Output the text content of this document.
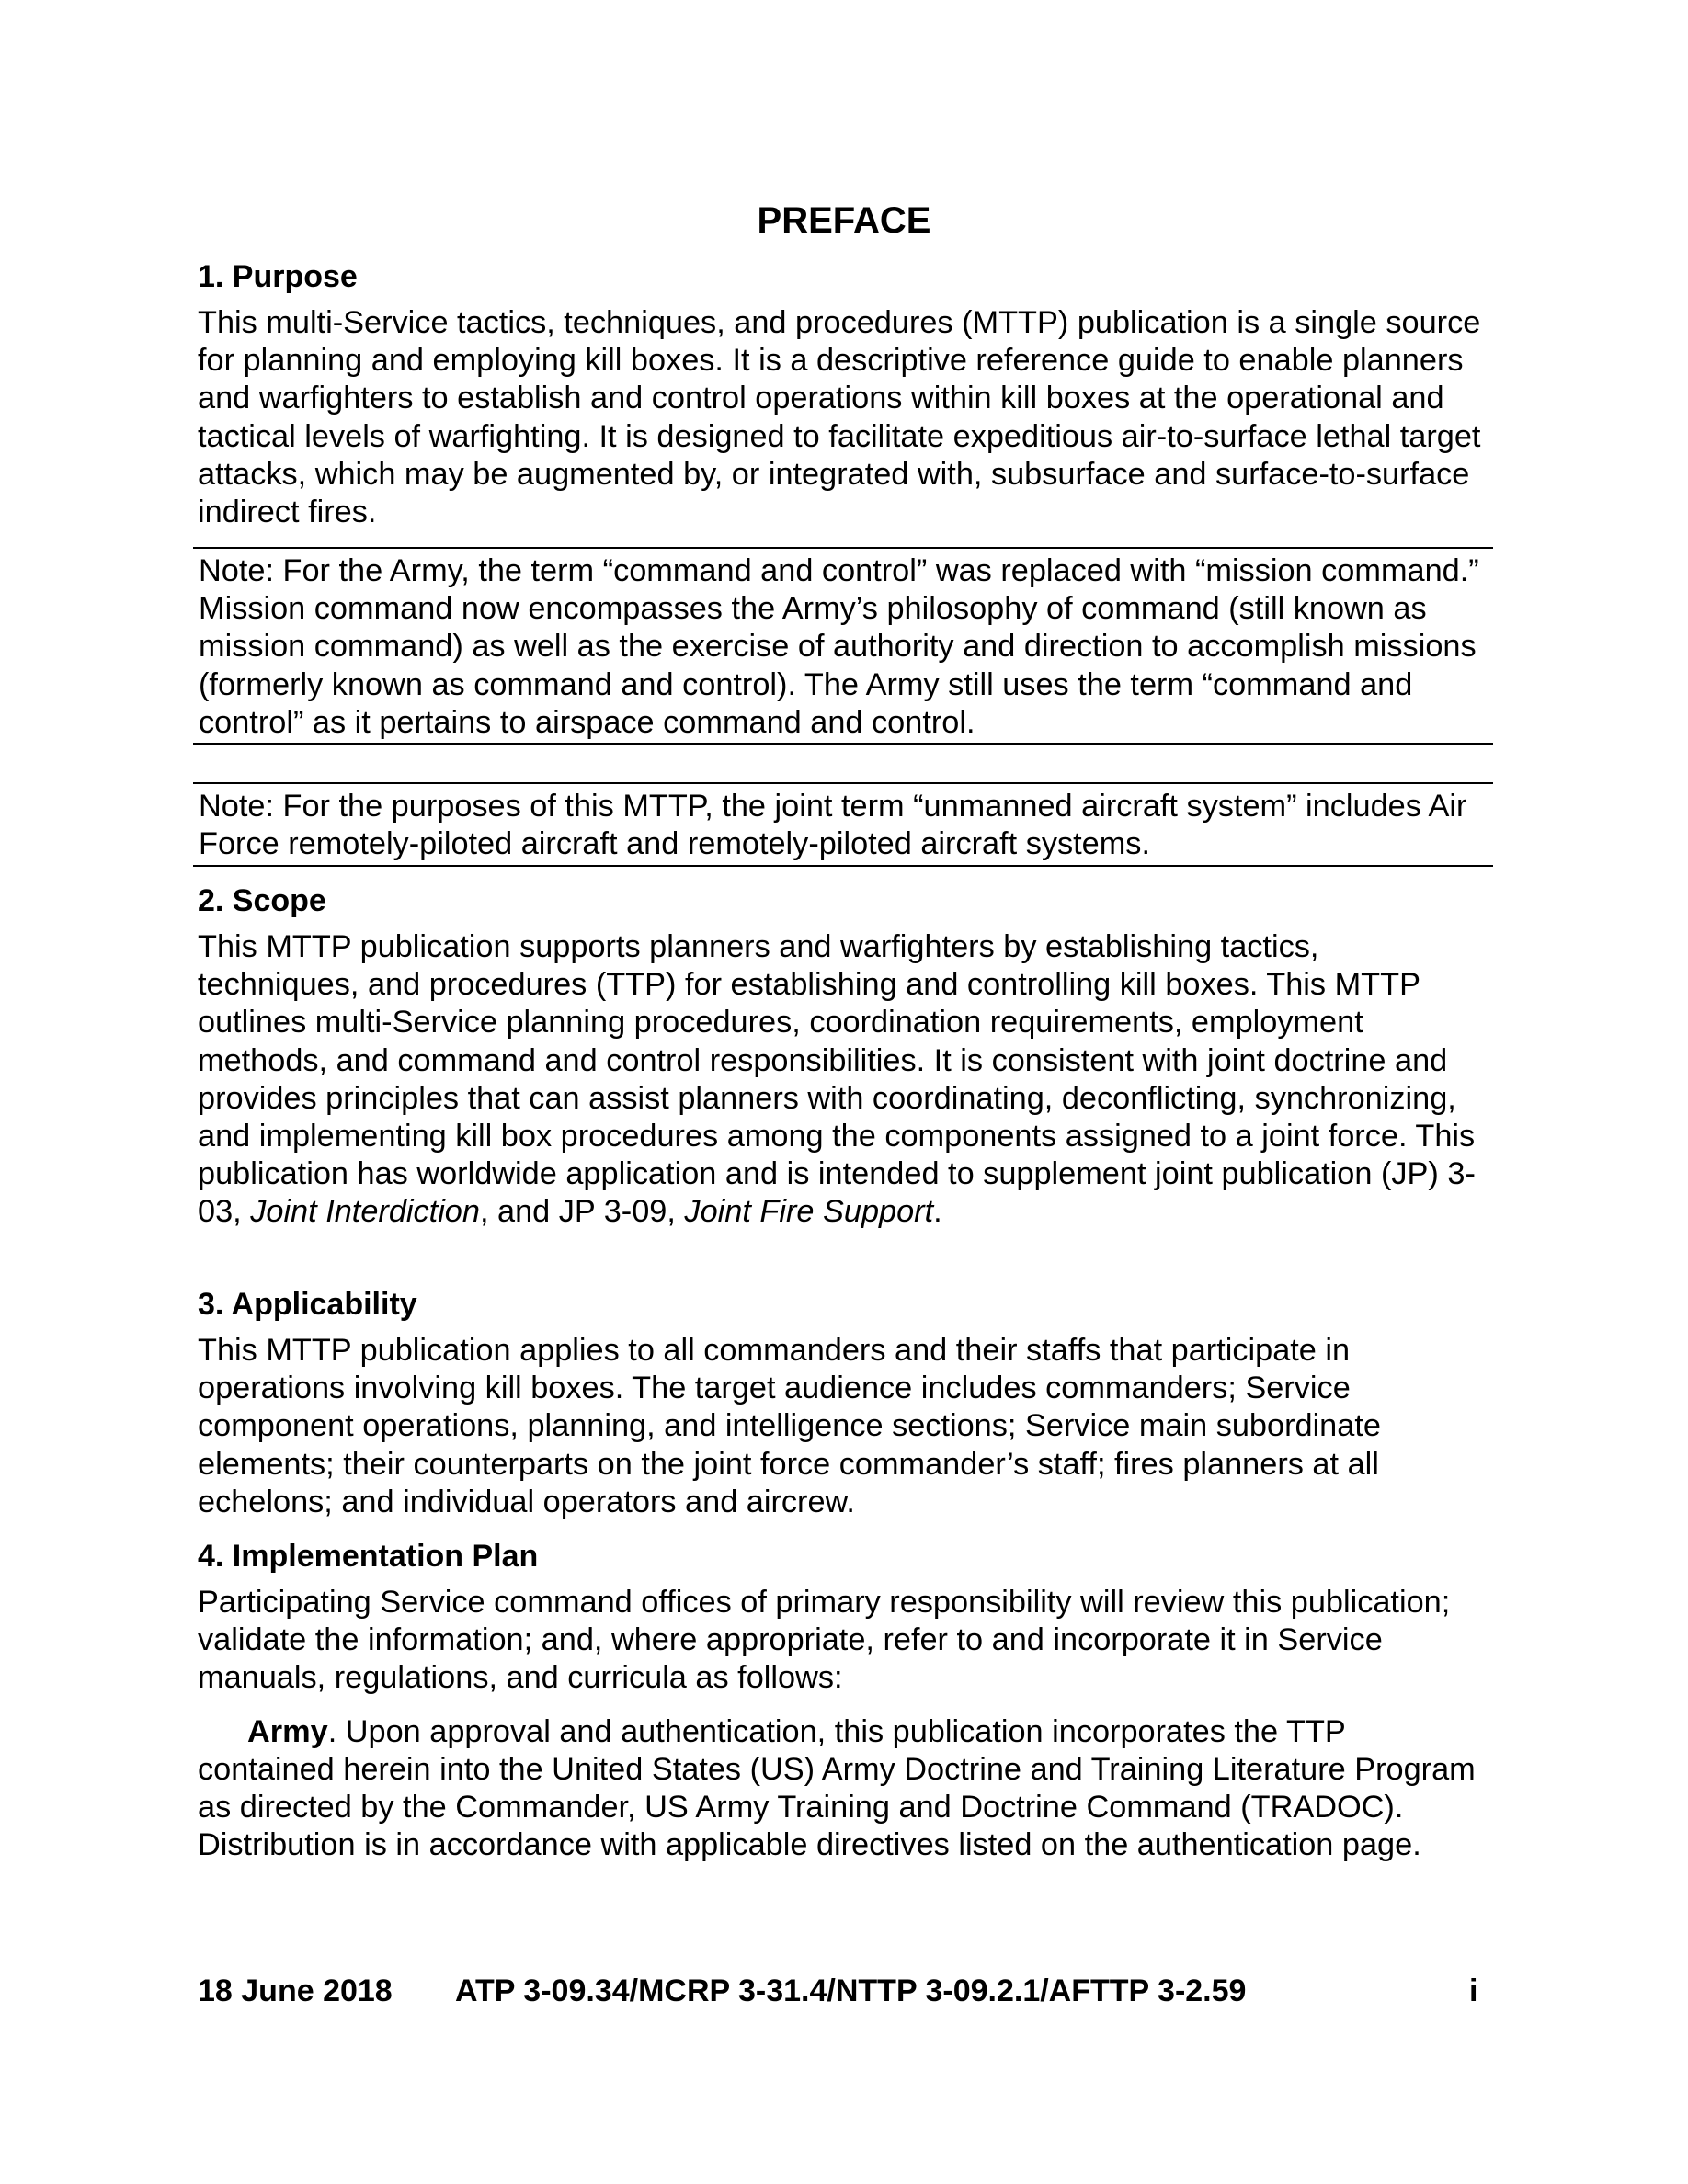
PREFACE

1. Purpose

This multi-Service tactics, techniques, and procedures (MTTP) publication is a single source for planning and employing kill boxes. It is a descriptive reference guide to enable planners and warfighters to establish and control operations within kill boxes at the operational and tactical levels of warfighting. It is designed to facilitate expeditious air-to-surface lethal target attacks, which may be augmented by, or integrated with, subsurface and surface-to-surface indirect fires.

Note: For the Army, the term “command and control” was replaced with “mission command.” Mission command now encompasses the Army’s philosophy of command (still known as mission command) as well as the exercise of authority and direction to accomplish missions (formerly known as command and control). The Army still uses the term “command and control” as it pertains to airspace command and control.

Note: For the purposes of this MTTP, the joint term “unmanned aircraft system” includes Air Force remotely-piloted aircraft and remotely-piloted aircraft systems.

2. Scope

This MTTP publication supports planners and warfighters by establishing tactics, techniques, and procedures (TTP) for establishing and controlling kill boxes. This MTTP outlines multi-Service planning procedures, coordination requirements, employment methods, and command and control responsibilities. It is consistent with joint doctrine and provides principles that can assist planners with coordinating, deconflicting, synchronizing, and implementing kill box procedures among the components assigned to a joint force. This publication has worldwide application and is intended to supplement joint publication (JP) 3-03, Joint Interdiction, and JP 3-09, Joint Fire Support.

3. Applicability

This MTTP publication applies to all commanders and their staffs that participate in operations involving kill boxes. The target audience includes commanders; Service component operations, planning, and intelligence sections; Service main subordinate elements; their counterparts on the joint force commander’s staff; fires planners at all echelons; and individual operators and aircrew.

4. Implementation Plan

Participating Service command offices of primary responsibility will review this publication; validate the information; and, where appropriate, refer to and incorporate it in Service manuals, regulations, and curricula as follows:

Army. Upon approval and authentication, this publication incorporates the TTP contained herein into the United States (US) Army Doctrine and Training Literature Program as directed by the Commander, US Army Training and Doctrine Command (TRADOC). Distribution is in accordance with applicable directives listed on the authentication page.

18 June 2018 ATP 3-09.34/MCRP 3-31.4/NTTP 3-09.2.1/AFTTP 3-2.59	i
